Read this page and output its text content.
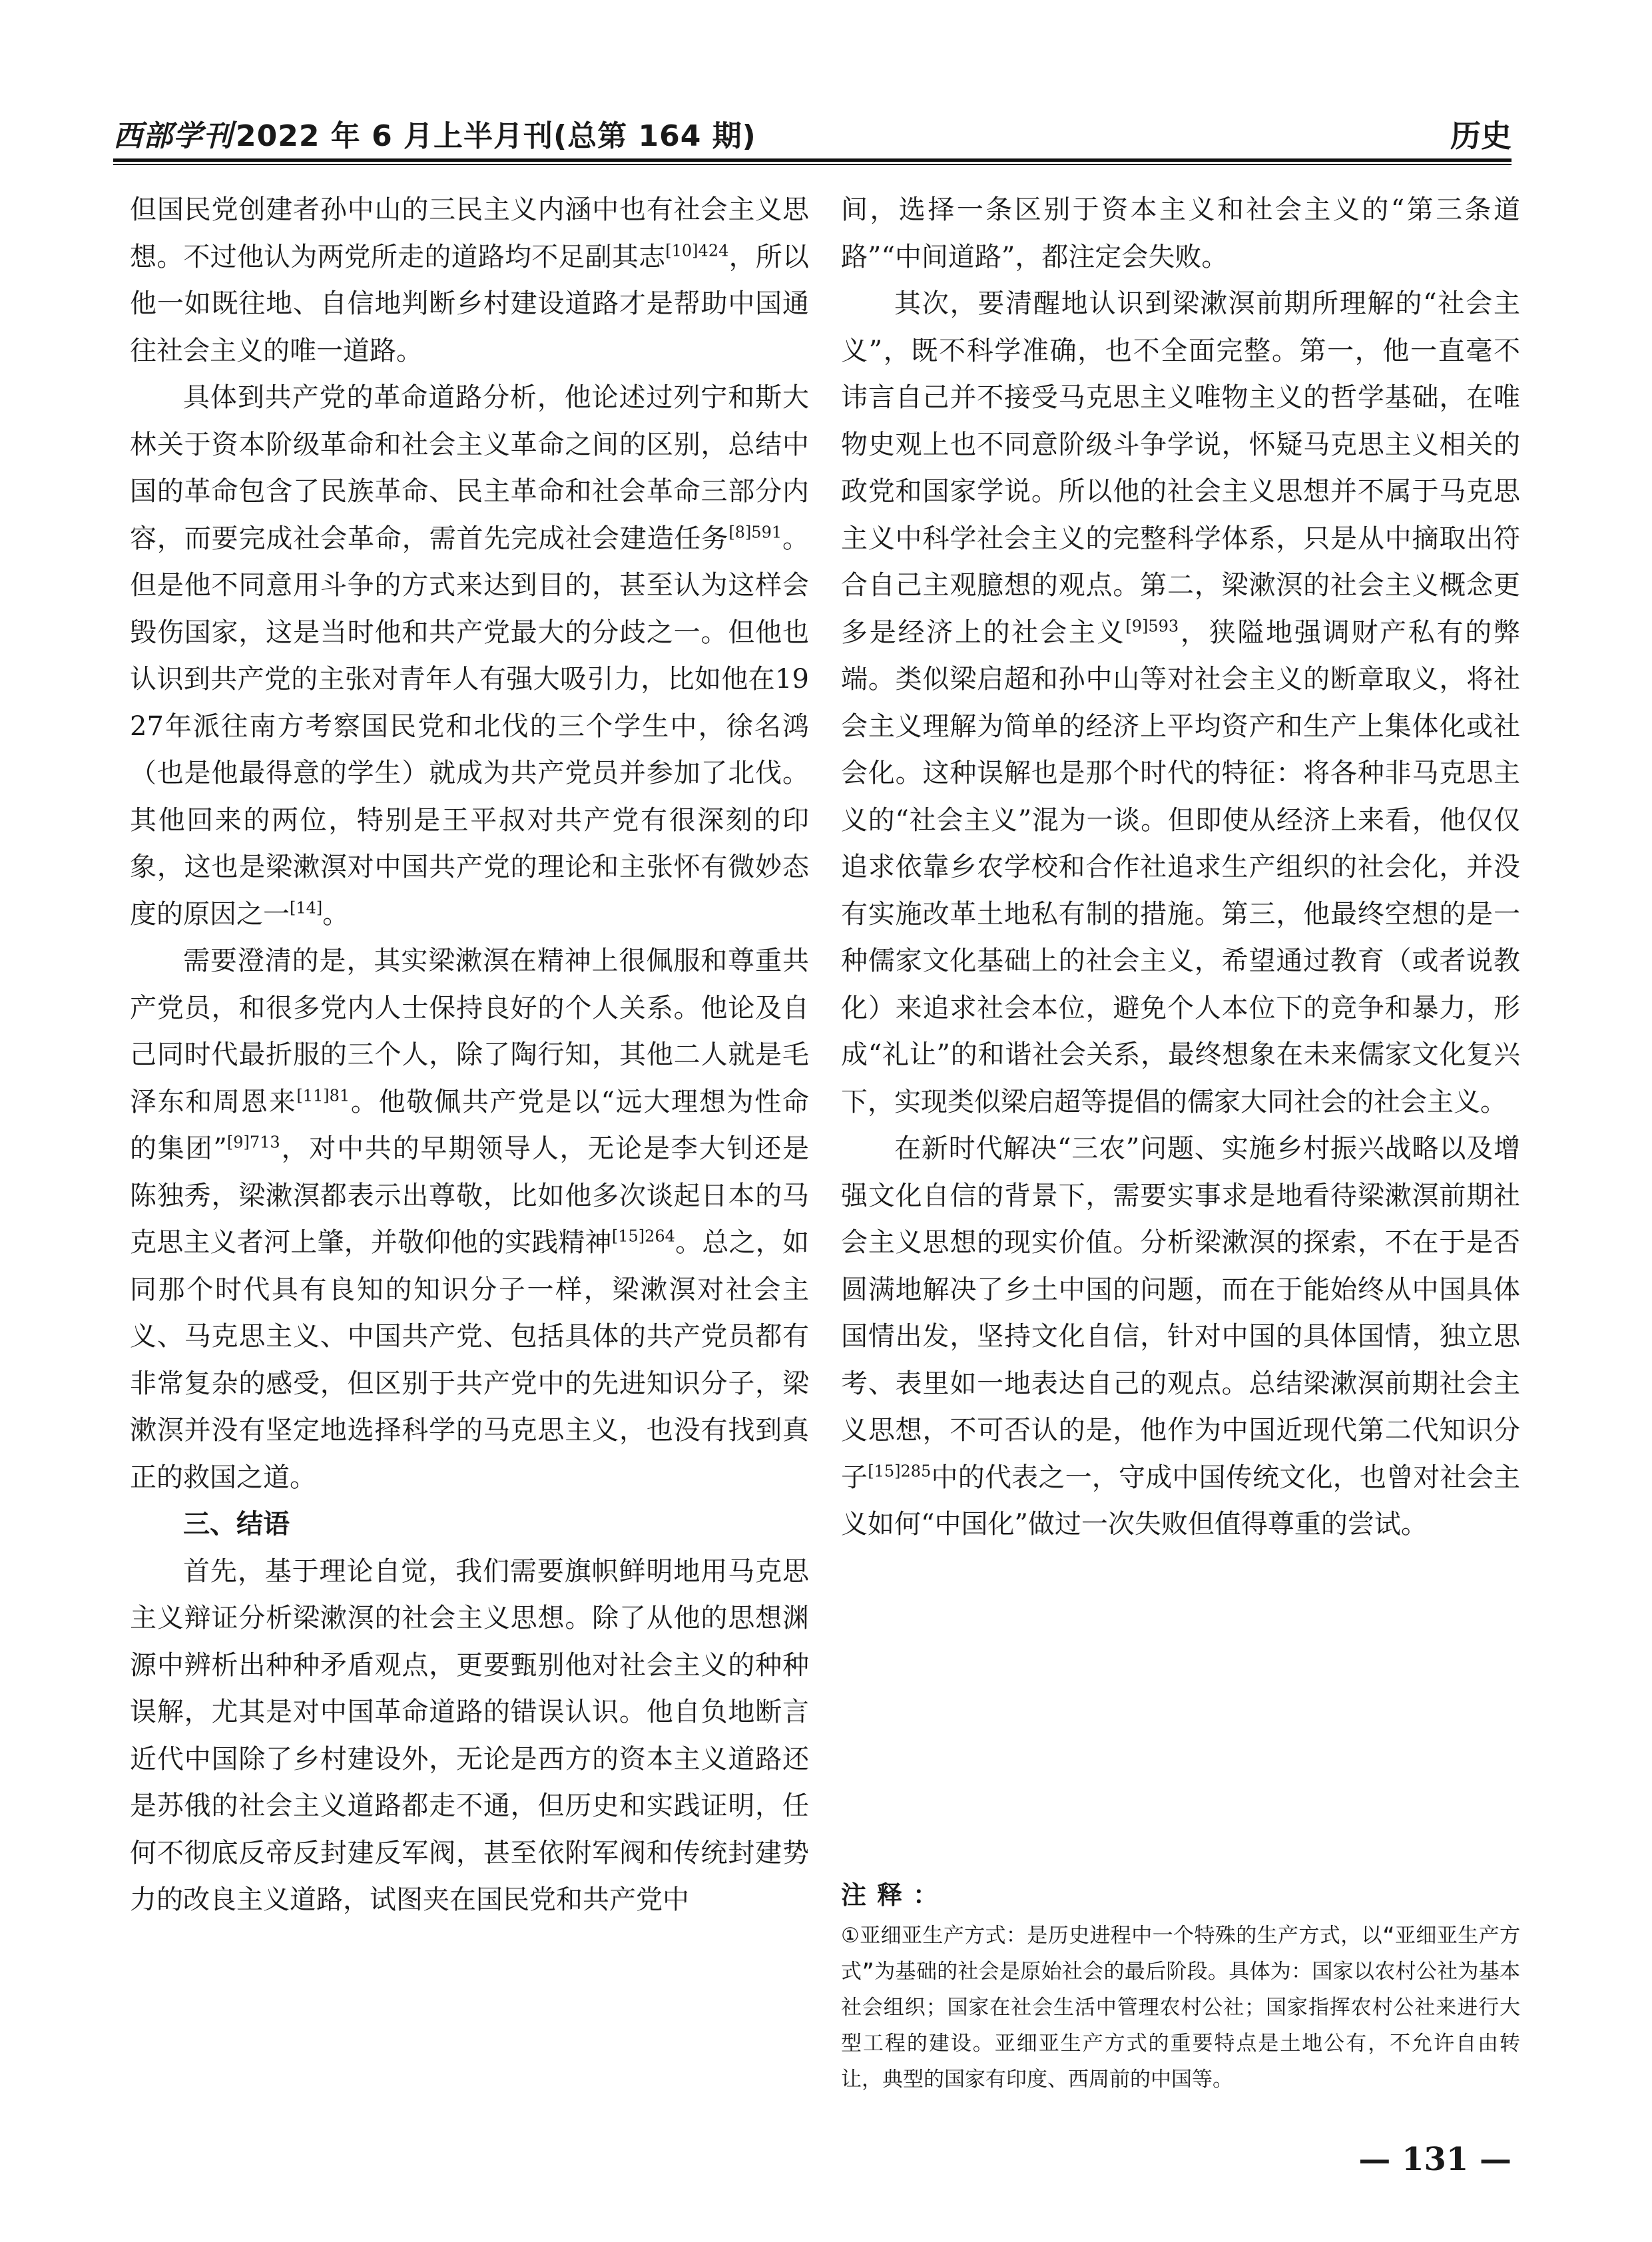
西部学刊2022 年 6 月上半月刊(总第 164 期)	历史

但国民党创建者孙中山的三民主义内涵中也有社会主义思想。不过他认为两党所走的道路均不足副其志$^{[10]424}$，所以他一如既往地、自信地判断乡村建设道路才是帮助中国通往社会主义的唯一道路。

具体到共产党的革命道路分析，他论述过列宁和斯大林关于资本阶级革命和社会主义革命之间的区别，总结中国的革命包含了民族革命、民主革命和社会革命三部分内容，而要完成社会革命，需首先完成社会建造任务$^{[8]591}$。但是他不同意用斗争的方式来达到目的，甚至认为这样会毁伤国家，这是当时他和共产党最大的分歧之一。但他也认识到共产党的主张对青年人有强大吸引力，比如他在1927年派往南方考察国民党和北伐的三个学生中，徐名鸿（也是他最得意的学生）就成为共产党员并参加了北伐。其他回来的两位，特别是王平叔对共产党有很深刻的印象，这也是梁漱溟对中国共产党的理论和主张怀有微妙态度的原因之一[14]。

需要澄清的是，其实梁漱溟在精神上很佩服和尊重共产党员，和很多党内人士保持良好的个人关系。他论及自己同时代最折服的三个人，除了陶行知，其他二人就是毛泽东和周恩来$^{[11]81}$。他敬佩共产党是以“远大理想为性命的集团”$^{[9]713}$，对中共的早期领导人，无论是李大钊还是陈独秀，梁漱溟都表示出尊敬，比如他多次谈起日本的马克思主义者河上肇，并敬仰他的实践精神$^{[15]264}$。总之，如同那个时代具有良知的知识分子一样，梁漱溟对社会主义、马克思主义、中国共产党、包括具体的共产党员都有非常复杂的感受，但区别于共产党中的先进知识分子，梁漱溟并没有坚定地选择科学的马克思主义，也没有找到真正的救国之道。

三、结语

首先，基于理论自觉，我们需要旗帜鲜明地用马克思主义辩证分析梁漱溟的社会主义思想。除了从他的思想渊源中辨析出种种矛盾观点，更要甄别他对社会主义的种种误解，尤其是对中国革命道路的错误认识。他自负地断言近代中国除了乡村建设外，无论是西方的资本主义道路还是苏俄的社会主义道路都走不通，但历史和实践证明，任何不彻底反帝反封建反军阀，甚至依附军阀和传统封建势力的改良主义道路，试图夹在国民党和共产党中

间，选择一条区别于资本主义和社会主义的“第三条道路”“中间道路”，都注定会失败。

其次，要清醒地认识到梁漱溟前期所理解的“社会主义”，既不科学准确，也不全面完整。第一，他一直毫不讳言自己并不接受马克思主义唯物主义的哲学基础，在唯物史观上也不同意阶级斗争学说，怀疑马克思主义相关的政党和国家学说。所以他的社会主义思想并不属于马克思主义中科学社会主义的完整科学体系，只是从中摘取出符合自己主观臆想的观点。第二，梁漱溟的社会主义概念更多是经济上的社会主义$^{[9]593}$，狭隘地强调财产私有的弊端。类似梁启超和孙中山等对社会主义的断章取义，将社会主义理解为简单的经济上平均资产和生产上集体化或社会化。这种误解也是那个时代的特征：将各种非马克思主义的“社会主义”混为一谈。但即使从经济上来看，他仅仅追求依靠乡农学校和合作社追求生产组织的社会化，并没有实施改革土地私有制的措施。第三，他最终空想的是一种儒家文化基础上的社会主义，希望通过教育（或者说教化）来追求社会本位，避免个人本位下的竞争和暴力，形成“礼让”的和谐社会关系，最终想象在未来儒家文化复兴下，实现类似梁启超等提倡的儒家大同社会的社会主义。

在新时代解决“三农”问题、实施乡村振兴战略以及增强文化自信的背景下，需要实事求是地看待梁漱溟前期社会主义思想的现实价值。分析梁漱溟的探索，不在于是否圆满地解决了乡土中国的问题，而在于能始终从中国具体国情出发，坚持文化自信，针对中国的具体国情，独立思考、表里如一地表达自己的观点。总结梁漱溟前期社会主义思想，不可否认的是，他作为中国近现代第二代知识分子$^{[15]285}$中的代表之一，守成中国传统文化，也曾对社会主义如何“中国化”做过一次失败但值得尊重的尝试。

注释：
①亚细亚生产方式：是历史进程中一个特殊的生产方式，以“亚细亚生产方式”为基础的社会是原始社会的最后阶段。具体为：国家以农村公社为基本社会组织；国家在社会生活中管理农村公社；国家指挥农村公社来进行大型工程的建设。亚细亚生产方式的重要特点是土地公有，不允许自由转让，典型的国家有印度、西周前的中国等。
— 131 —
